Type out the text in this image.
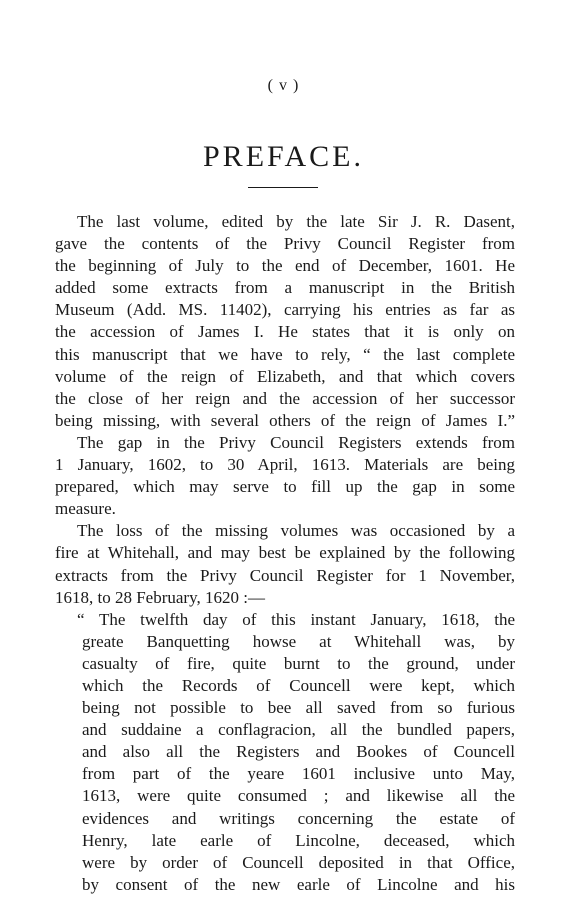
( v )
PREFACE.

The last volume, edited by the late Sir J. R. Dasent,
gave the contents of the Privy Council Register from
the beginning of July to the end of December, 1601. He
added some extracts from a manuscript in the British
Museum (Add. MS. 11402), carrying his entries as far as
the accession of James I. He states that it is only on
this manuscript that we have to rely, “ the last complete
volume of the reign of Elizabeth, and that which covers
the close of her reign and the accession of her successor
being missing, with several others of the reign of James I.”

The gap in the Privy Council Registers extends from
1 January, 1602, to 30 April, 1613. Materials are being
prepared, which may serve to fill up the gap in some
measure.

The loss of the missing volumes was occasioned by a
fire at Whitehall, and may best be explained by the following
extracts from the Privy Council Register for 1 November,
1618, to 28 February, 1620 :—

“ The twelfth day of this instant January, 1618, the
greate Banquetting howse at Whitehall was, by
casualty of fire, quite burnt to the ground, under
which the Records of Councell were kept, which
being not possible to bee all saved from so furious
and suddaine a conflagracion, all the bundled papers,
and also all the Registers and Bookes of Councell
from part of the yeare 1601 inclusive unto May,
1613, were quite consumed ; and likewise all the
evidences and writings concerning the estate of
Henry, late earle of Lincolne, deceased, which
were by order of Councell deposited in that Office,
by consent of the new earle of Lincolne and his
